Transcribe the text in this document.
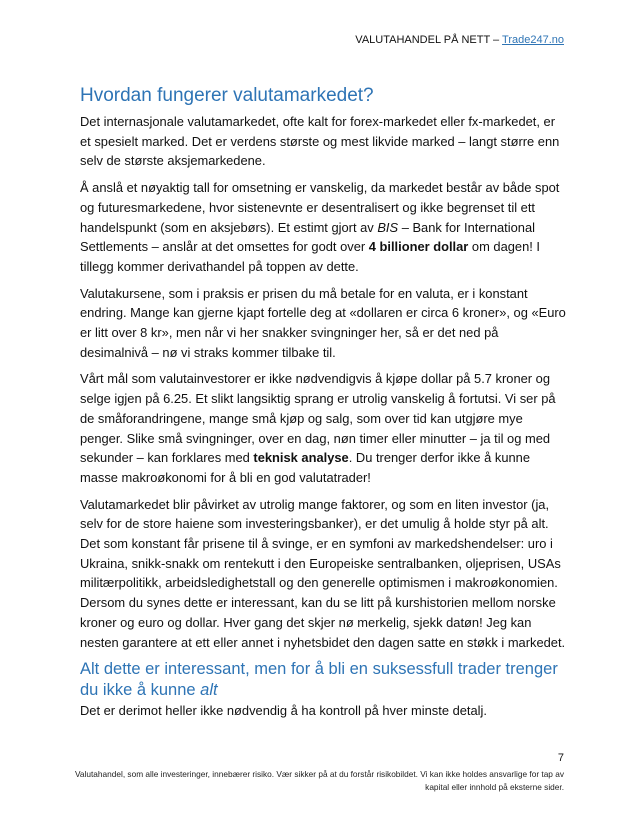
VALUTAHANDEL PÅ NETT – Trade247.no
Hvordan fungerer valutamarkedet?

Det internasjonale valutamarkedet, ofte kalt for forex-markedet eller fx-markedet, er et spesielt marked. Det er verdens største og mest likvide marked – langt større enn selv de største aksjemarkedene.

Å anslå et nøyaktig tall for omsetning er vanskelig, da markedet består av både spot og futuresmarkedene, hvor sistenevnte er desentralisert og ikke begrenset til ett handelspunkt (som en aksjebørs). Et estimt gjort av BIS – Bank for International Settlements – anslår at det omsettes for godt over 4 billioner dollar om dagen! I tillegg kommer derivathandel på toppen av dette.

Valutakursene, som i praksis er prisen du må betale for en valuta, er i konstant endring. Mange kan gjerne kjapt fortelle deg at «dollaren er circa 6 kroner», og «Euro er litt over 8 kr», men når vi her snakker svingninger her, så er det ned på desimalnivå – nø vi straks kommer tilbake til.

Vårt mål som valutainvestorer er ikke nødvendigvis å kjøpe dollar på 5.7 kroner og selge igjen på 6.25. Et slikt langsiktig sprang er utrolig vanskelig å fortutsi. Vi ser på de småforandringene, mange små kjøp og salg, som over tid kan utgjøre mye penger. Slike små svingninger, over en dag, nøn timer eller minutter – ja til og med sekunder – kan forklares med teknisk analyse. Du trenger derfor ikke å kunne masse makroøkonomi for å bli en god valutatrader!

Valutamarkedet blir påvirket av utrolig mange faktorer, og som en liten investor (ja, selv for de store haiene som investeringsbanker), er det umulig å holde styr på alt. Det som konstant får prisene til å svinge, er en symfoni av markedshendelser: uro i Ukraina, snikk-snakk om rentekutt i den Europeiske sentralbanken, oljeprisen, USAs militærpolitikk, arbeidsledighetstall og den generelle optimismen i makroøkonomien. Dersom du synes dette er interessant, kan du se litt på kurshistorien mellom norske kroner og euro og dollar. Hver gang det skjer nø merkelig, sjekk datøn! Jeg kan nesten garantere at ett eller annet i nyhetsbidet den dagen satte en støkk i markedet.

Alt dette er interessant, men for å bli en suksessfull trader trenger du ikke å kunne alt

Det er derimot heller ikke nødvendig å ha kontroll på hver minste detalj.

7
Valutahandel, som alle investeringer, innebærer risiko. Vær sikker på at du forstår risikobildet. Vi kan ikke holdes ansvarlige for tap av kapital eller innhold på eksterne sider.
